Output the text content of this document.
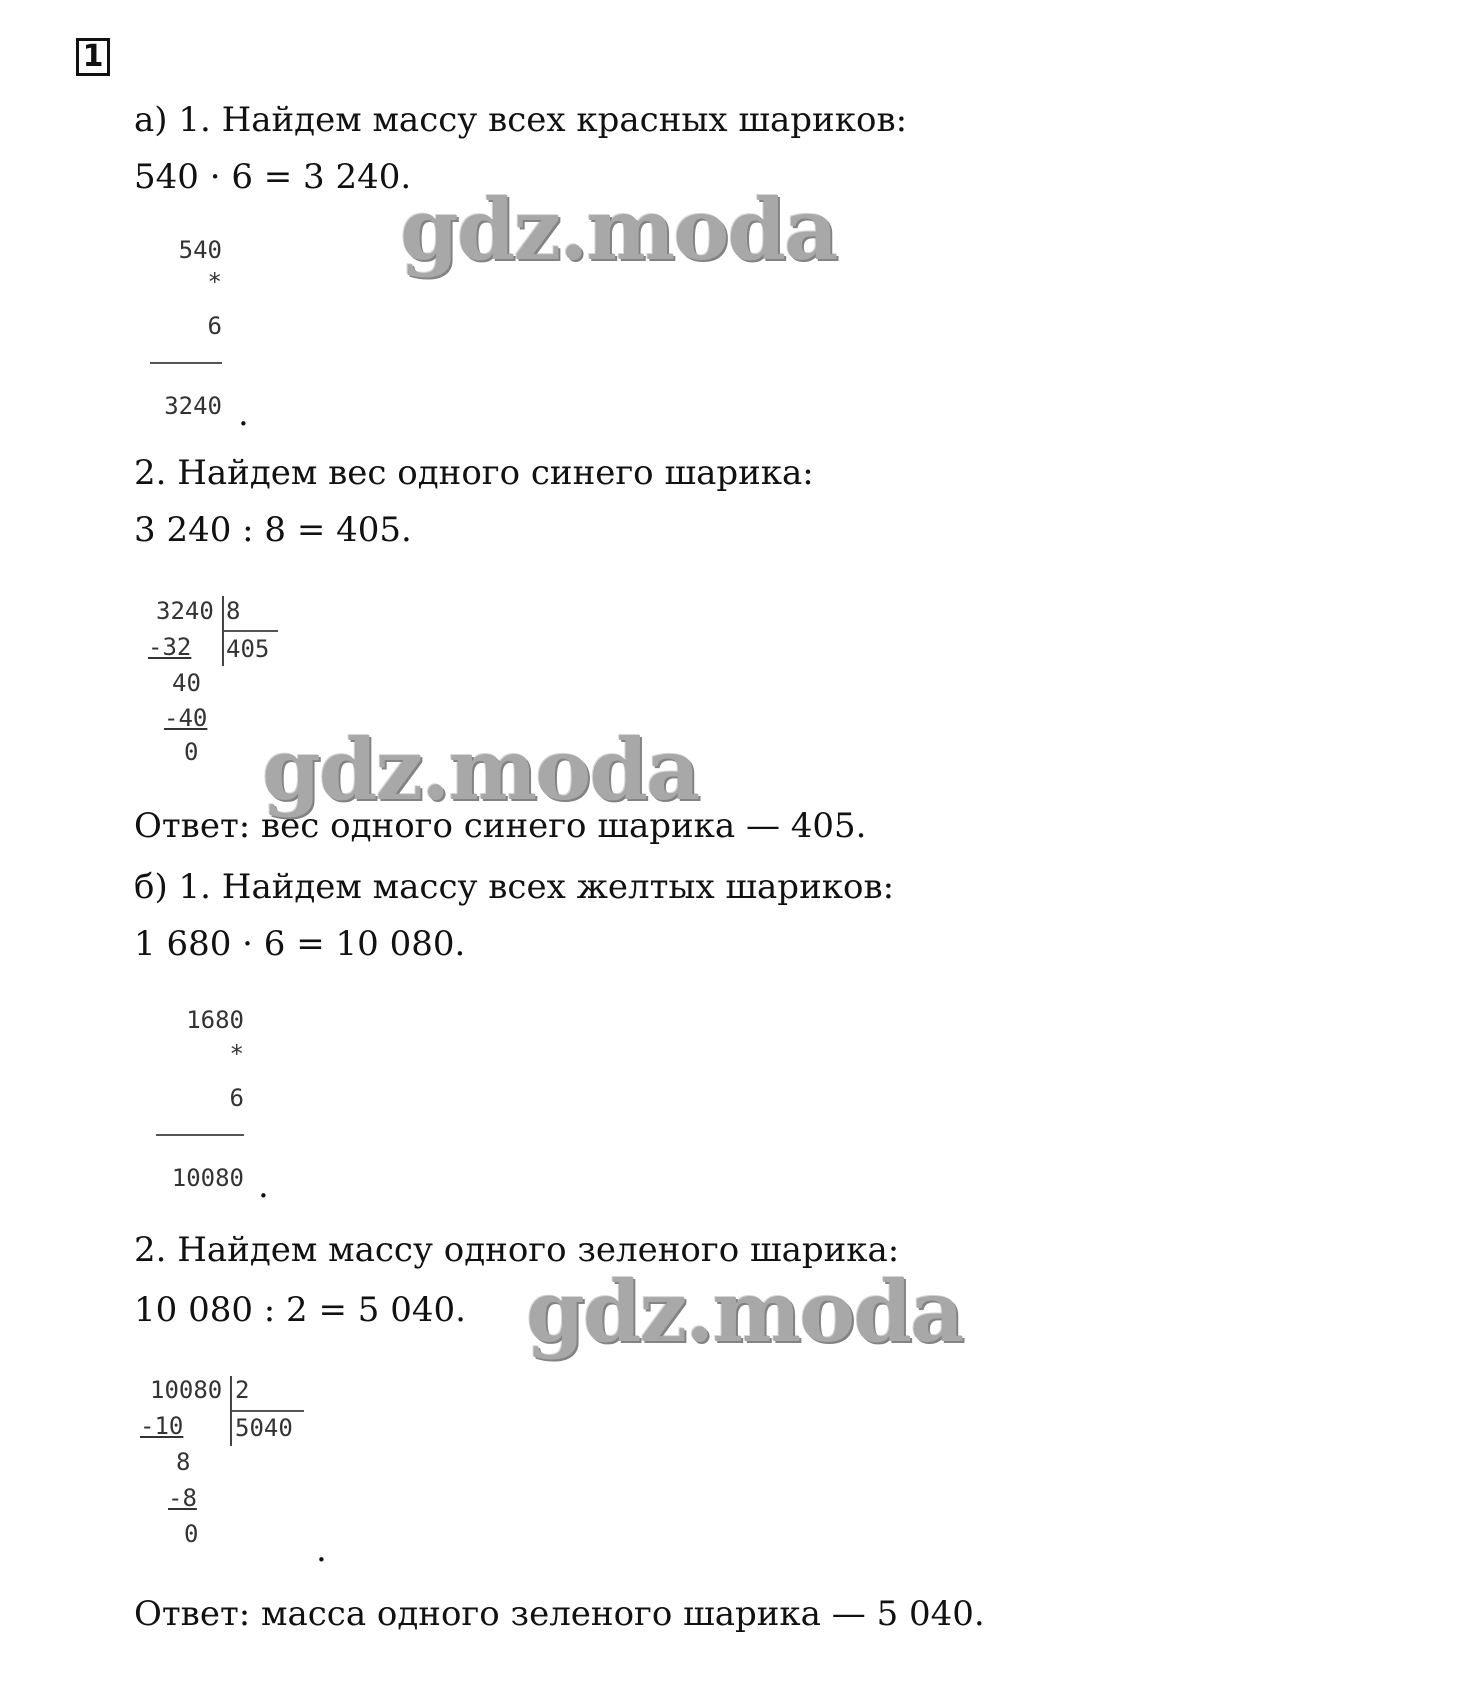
1
а) 1. Найдем массу всех красных шариков:
540 · 6 = 3 240.
540
*
6
3240 .
2. Найдем вес одного синего шарика:
3 240 : 8 = 405.
3240 8
405
-32
40
-40
0
Ответ: вес одного синего шарика — 405.
б) 1. Найдем массу всех желтых шариков:
1 680 · 6 = 10 080.
1680
*
6
10080 .
2. Найдем массу одного зеленого шарика:
10 080 : 2 = 5 040.
10080 2
5040
-10
8
-8
0	.
Ответ: масса одного зеленого шарика — 5 040.
gdz.moda
gdz.moda
gdz.moda
